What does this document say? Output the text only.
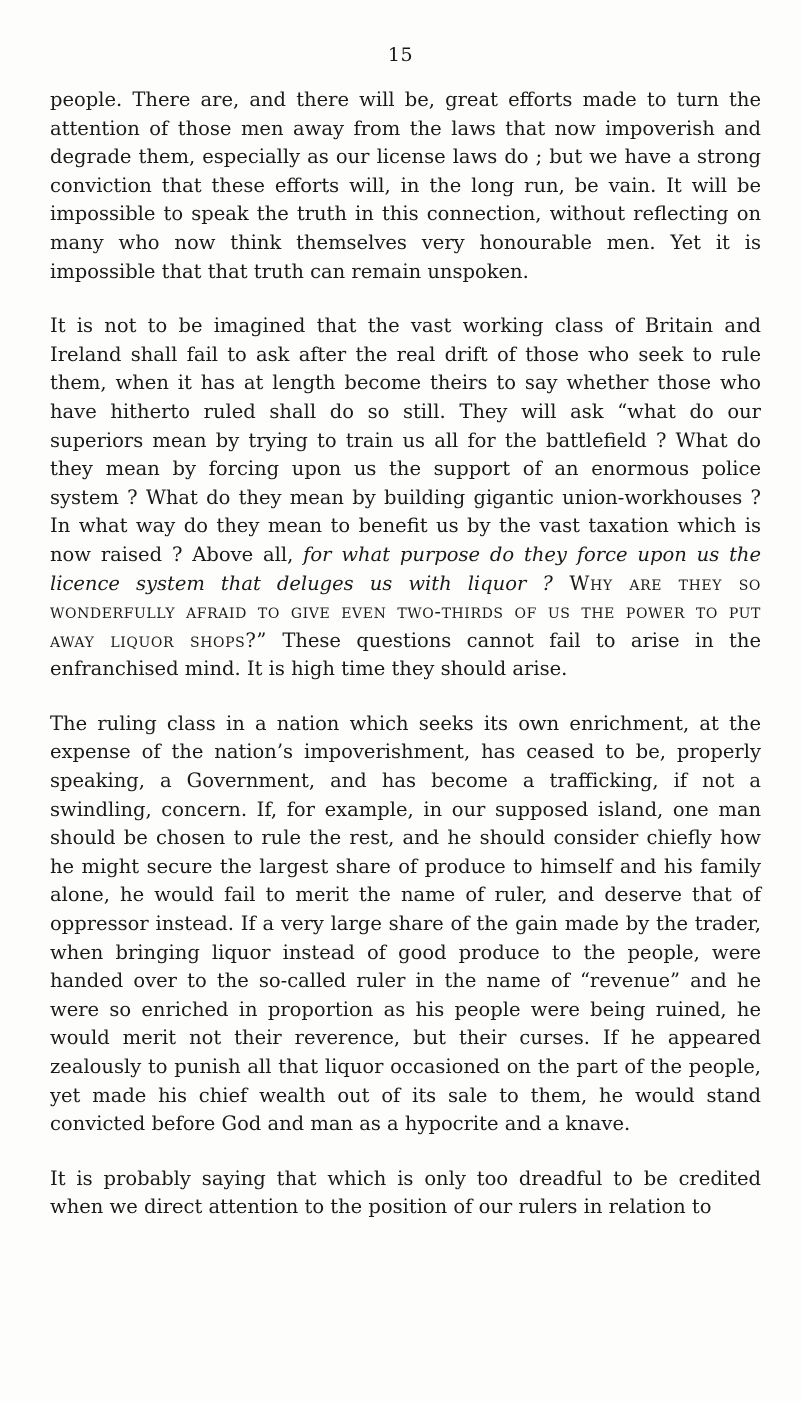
15

people. There are, and there will be, great efforts made to turn the attention of those men away from the laws that now impoverish and degrade them, especially as our license laws do ; but we have a strong conviction that these efforts will, in the long run, be vain. It will be impossible to speak the truth in this connection, without reflecting on many who now think themselves very honourable men. Yet it is impossible that that truth can remain unspoken.

It is not to be imagined that the vast working class of Britain and Ireland shall fail to ask after the real drift of those who seek to rule them, when it has at length become theirs to say whether those who have hitherto ruled shall do so still. They will ask “what do our superiors mean by trying to train us all for the battlefield ? What do they mean by forcing upon us the support of an enormous police system ? What do they mean by building gigantic union-workhouses ? In what way do they mean to benefit us by the vast taxation which is now raised ? Above all, for what purpose do they force upon us the licence system that deluges us with liquor ? Why are they so wonderfully afraid to give even two-thirds of us the power to put away liquor shops?” These questions cannot fail to arise in the enfranchised mind. It is high time they should arise.

The ruling class in a nation which seeks its own enrichment, at the expense of the nation’s impoverishment, has ceased to be, properly speaking, a Government, and has become a trafficking, if not a swindling, concern. If, for example, in our supposed island, one man should be chosen to rule the rest, and he should consider chiefly how he might secure the largest share of produce to himself and his family alone, he would fail to merit the name of ruler, and deserve that of oppressor instead. If a very large share of the gain made by the trader, when bringing liquor instead of good produce to the people, were handed over to the so-called ruler in the name of “revenue” and he were so enriched in proportion as his people were being ruined, he would merit not their reverence, but their curses. If he appeared zealously to punish all that liquor occasioned on the part of the people, yet made his chief wealth out of its sale to them, he would stand convicted before God and man as a hypocrite and a knave.

It is probably saying that which is only too dreadful to be credited when we direct attention to the position of our rulers in relation to
